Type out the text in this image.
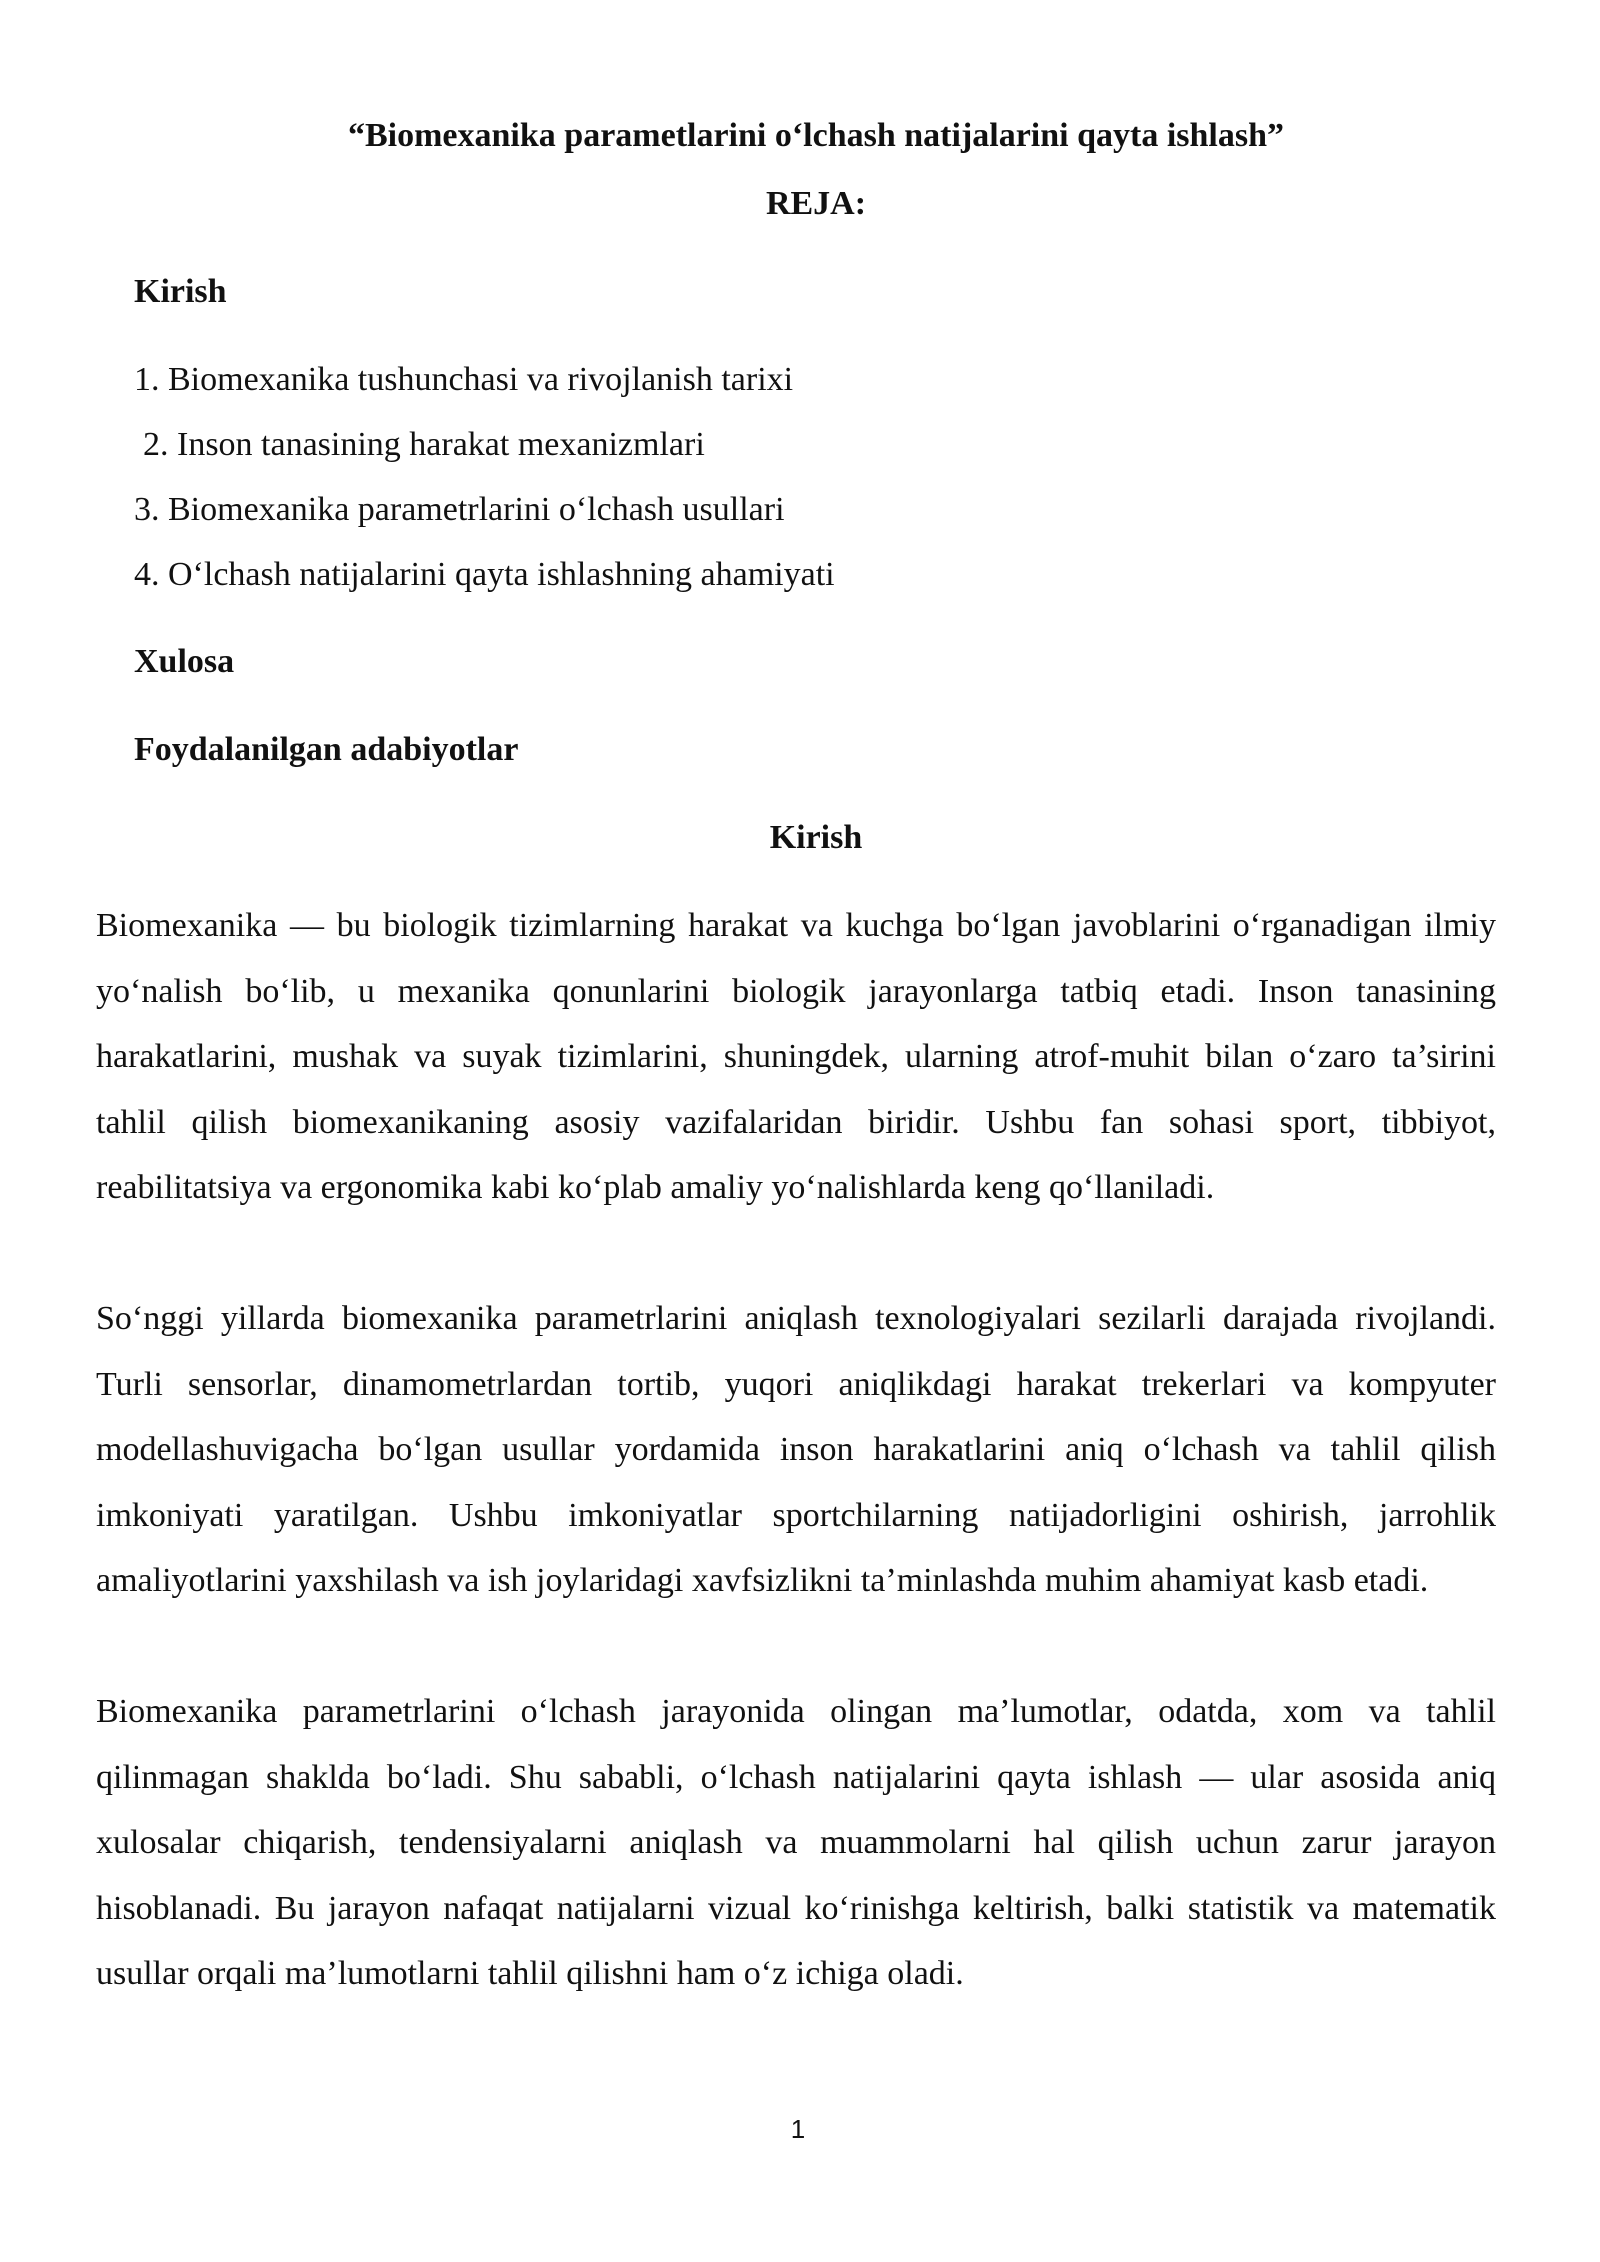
“Biomexanika parametlarini o‘lchash natijalarini qayta ishlash”
REJA:
Kirish
1. Biomexanika tushunchasi va rivojlanish tarixi
2. Inson tanasining harakat mexanizmlari
3. Biomexanika parametrlarini o‘lchash usullari
4. O‘lchash natijalarini qayta ishlashning ahamiyati
Xulosa
Foydalanilgan adabiyotlar
Kirish

Biomexanika — bu biologik tizimlarning harakat va kuchga bo‘lgan javoblarini o‘rganadigan ilmiy yo‘nalish bo‘lib, u mexanika qonunlarini biologik jarayonlarga tatbiq etadi. Inson tanasining harakatlarini, mushak va suyak tizimlarini, shuningdek, ularning atrof-muhit bilan o‘zaro ta’sirini tahlil qilish biomexanikaning asosiy vazifalaridan biridir. Ushbu fan sohasi sport, tibbiyot, reabilitatsiya va ergonomika kabi ko‘plab amaliy yo‘nalishlarda keng qo‘llaniladi.

So‘nggi yillarda biomexanika parametrlarini aniqlash texnologiyalari sezilarli darajada rivojlandi. Turli sensorlar, dinamometrlardan tortib, yuqori aniqlikdagi harakat trekerlari va kompyuter modellashuvigacha bo‘lgan usullar yordamida inson harakatlarini aniq o‘lchash va tahlil qilish imkoniyati yaratilgan. Ushbu imkoniyatlar sportchilarning natijadorligini oshirish, jarrohlik amaliyotlarini yaxshilash va ish joylaridagi xavfsizlikni ta’minlashda muhim ahamiyat kasb etadi.

Biomexanika parametrlarini o‘lchash jarayonida olingan ma’lumotlar, odatda, xom va tahlil qilinmagan shaklda bo‘ladi. Shu sababli, o‘lchash natijalarini qayta ishlash — ular asosida aniq xulosalar chiqarish, tendensiyalarni aniqlash va muammolarni hal qilish uchun zarur jarayon hisoblanadi. Bu jarayon nafaqat natijalarni vizual ko‘rinishga keltirish, balki statistik va matematik usullar orqali ma’lumotlarni tahlil qilishni ham o‘z ichiga oladi.

1
